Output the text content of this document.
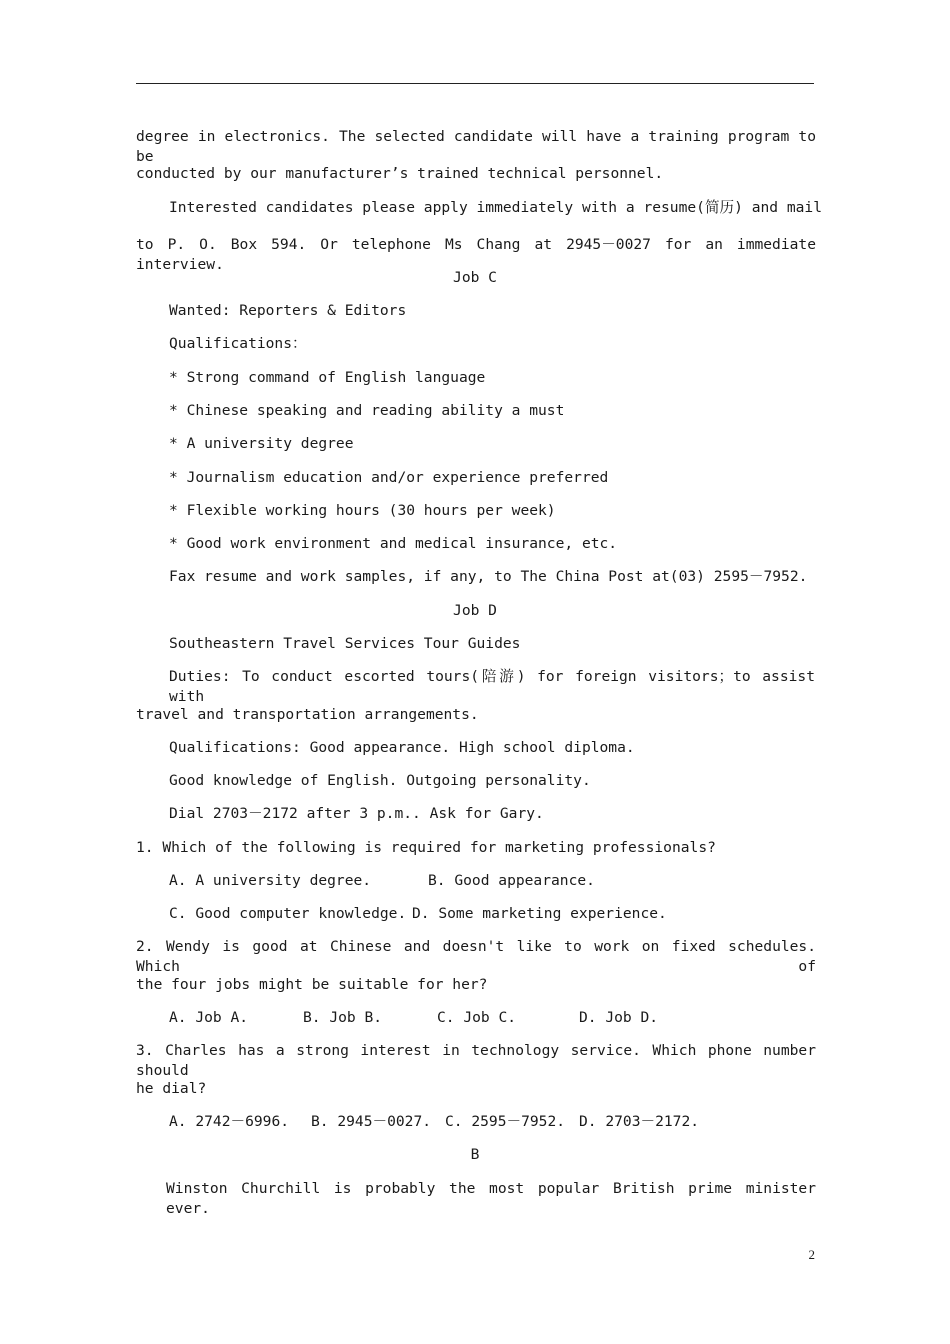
degree in electronics. The selected candidate will have a training program to be
conducted by our manufacturer’s trained technical personnel.
Interested candidates please apply immediately with a resume(简历) and mail
to P. O. Box 594. Or telephone Ms Chang at 2945－0027 for an immediate interview.
Job C
Wanted: Reporters & Editors
Qualifications：
* Strong command of English language
* Chinese speaking and reading ability a must
* A university degree
* Journalism education and/or experience preferred
* Flexible working hours (30 hours per week)
* Good work environment and medical insurance, etc.
Fax resume and work samples, if any, to The China Post at(03) 2595－7952.
Job D
Southeastern Travel Services Tour Guides
Duties: To conduct escorted tours(陪游) for foreign visitors；to assist with
travel and transportation arrangements.
Qualifications: Good appearance. High school diploma.
Good knowledge of English. Outgoing personality.
Dial 2703－2172 after 3 p.m.. Ask for Gary.
1. Which of the following is required for marketing professionals?
A. A university degree.	B. Good appearance.
C. Good computer knowledge. D. Some marketing experience.
2. Wendy is good at Chinese and doesn't like to work on fixed schedules. Which of
the four jobs might be suitable for her?
A. Job A.	B. Job B.	C. Job C.	D. Job D.
3. Charles has a strong interest in technology service. Which phone number should
he dial?
A. 2742－6996. B. 2945－0027. C. 2595－7952. D. 2703－2172.
B
Winston Churchill is probably the most popular British prime minister ever.
2
